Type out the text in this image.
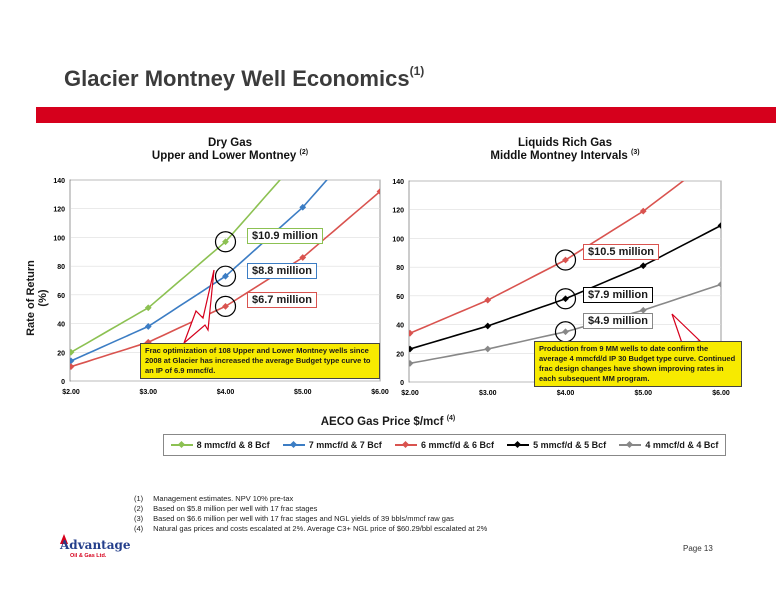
Glacier Montney Well Economics$^{(1)}$
Dry Gas
Upper and Lower Montney $^{(2)}$
Liquids Rich Gas
Middle Montney Intervals $^{(3)}$
Rate of Return (%)
0
20
40
60
80
100
120
140
$2.00	$3.00	$4.00	$5.00	$6.00
0
20
40
60
80
100
120
140
$2.00	$3.00	$4.00	$5.00	$6.00
AECO Gas Price $/mcf $^{(4)}$
8 mmcf/d & 8 Bcf	7 mmcf/d & 7 Bcf	6 mmcf/d & 6 Bcf	5 mmcf/d & 5 Bcf	4 mmcf/d & 4 Bcf
$10.9 million
$8.8 million
$6.7 million
$10.5 million
$7.9 million
$4.9 million
Frac optimization of 108 Upper and Lower Montney wells since 2008 at Glacier has increased the average Budget type curve to an IP of 6.9 mmcf/d.
Production from 9 MM wells to date confirm the average 4 mmcfd/d IP 30 Budget type curve. Continued frac design changes have shown improving rates in each subsequent MM program.
(1) Management estimates. NPV 10% pre-tax
(2) Based on $5.8 million per well with 17 frac stages
(3) Based on $6.6 million per well with 17 frac stages and NGL yields of 39 bbls/mmcf raw gas
(4) Natural gas prices and costs escalated at 2%. Average C3+ NGL price of $60.29/bbl escalated at 2%
Advantage
Oil & Gas Ltd.
Page 13
